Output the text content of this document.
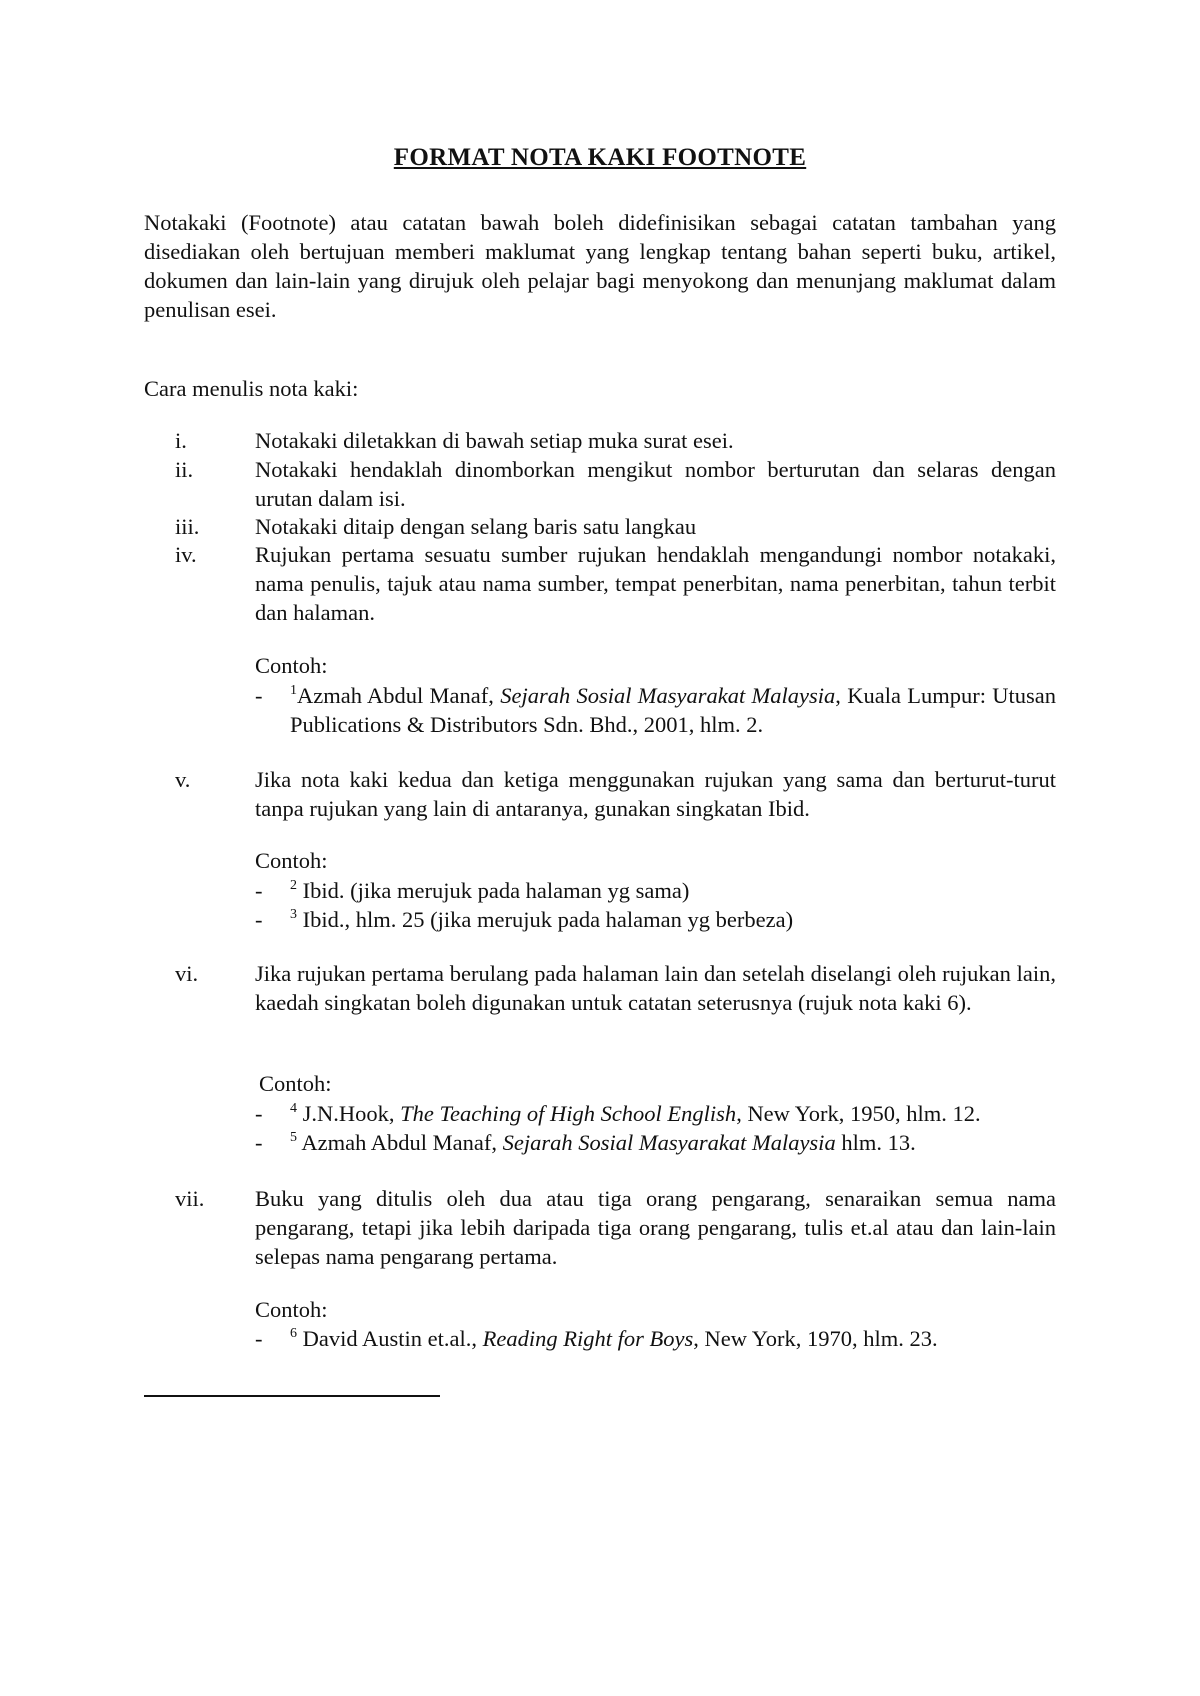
FORMAT NOTA KAKI FOOTNOTE
Notakaki (Footnote) atau catatan bawah boleh didefinisikan sebagai catatan tambahan yang disediakan oleh bertujuan memberi maklumat yang lengkap tentang bahan seperti buku, artikel, dokumen dan lain-lain yang dirujuk oleh pelajar bagi menyokong dan menunjang maklumat dalam penulisan esei.
Cara menulis nota kaki:
i.	Notakaki diletakkan di bawah setiap muka surat esei.
ii.	Notakaki hendaklah dinomborkan mengikut nombor berturutan dan selaras dengan urutan dalam isi.
iii. Notakaki ditaip dengan selang baris satu langkau
iv.	Rujukan pertama sesuatu sumber rujukan hendaklah mengandungi nombor notakaki, nama penulis, tajuk atau nama sumber, tempat penerbitan, nama penerbitan, tahun terbit dan halaman.
Contoh:
- $^1$Azmah Abdul Manaf, Sejarah Sosial Masyarakat Malaysia, Kuala Lumpur: Utusan Publications & Distributors Sdn. Bhd., 2001, hlm. 2.
v.	Jika nota kaki kedua dan ketiga menggunakan rujukan yang sama dan berturut-turut tanpa rujukan yang lain di antaranya, gunakan singkatan Ibid.
Contoh:
- $^2$ Ibid. (jika merujuk pada halaman yg sama)
- $^3$ Ibid., hlm. 25 (jika merujuk pada halaman yg berbeza)
vi.	Jika rujukan pertama berulang pada halaman lain dan setelah diselangi oleh rujukan lain, kaedah singkatan boleh digunakan untuk catatan seterusnya (rujuk nota kaki 6).
Contoh:
- $^4$ J.N.Hook, The Teaching of High School English, New York, 1950, hlm. 12.
- $^5$ Azmah Abdul Manaf, Sejarah Sosial Masyarakat Malaysia hlm. 13.
vii. Buku yang ditulis oleh dua atau tiga orang pengarang, senaraikan semua nama pengarang, tetapi jika lebih daripada tiga orang pengarang, tulis et.al atau dan lain-lain selepas nama pengarang pertama.
Contoh:
- $^6$ David Austin et.al., Reading Right for Boys, New York, 1970, hlm. 23.
